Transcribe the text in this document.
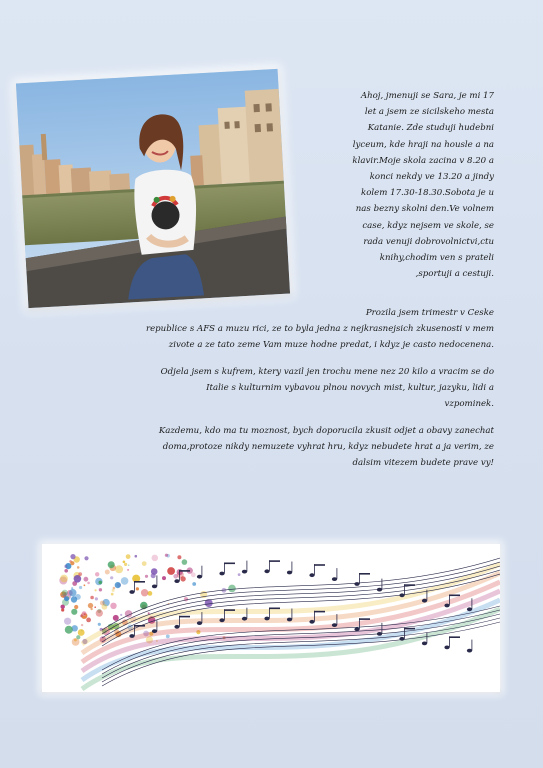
Ahoj, jmenuji se Sara, je mi 17
let a jsem ze sicilskeho mesta
Katanie. Zde studuji hudebni
lyceum, kde hraji na housle a na
klavir.Moje skola zacina v 8.20 a
konci nekdy ve 13.20 a jindy
kolem 17.30-18.30.Sobota je u
nas bezny skolni den.Ve volnem
case, kdyz nejsem ve skole, se
rada venuji dobrovolnictvi,ctu
knihy,chodim ven s prateli
,sportuji a cestuji.
Prozila jsem trimestr v Ceske
republice s AFS a muzu rici, ze to byla jedna z nejkrasnejsich zkusenosti v mem
zivote a ze tato zeme Vam muze hodne predat, i kdyz je casto nedocenena.
Odjela jsem s kufrem, ktery vazil jen trochu mene nez 20 kilo a vracim se do
Italie s kulturnim vybavou plnou novych mist, kultur, jazyku, lidi a
vzpominek.
Kazdemu, kdo ma tu moznost, bych doporucila zkusit odjet a obavy zanechat
doma,protoze nikdy nemuzete vyhrat hru, kdyz nebudete hrat a ja verim, ze
dalsim vitezem budete prave vy!
